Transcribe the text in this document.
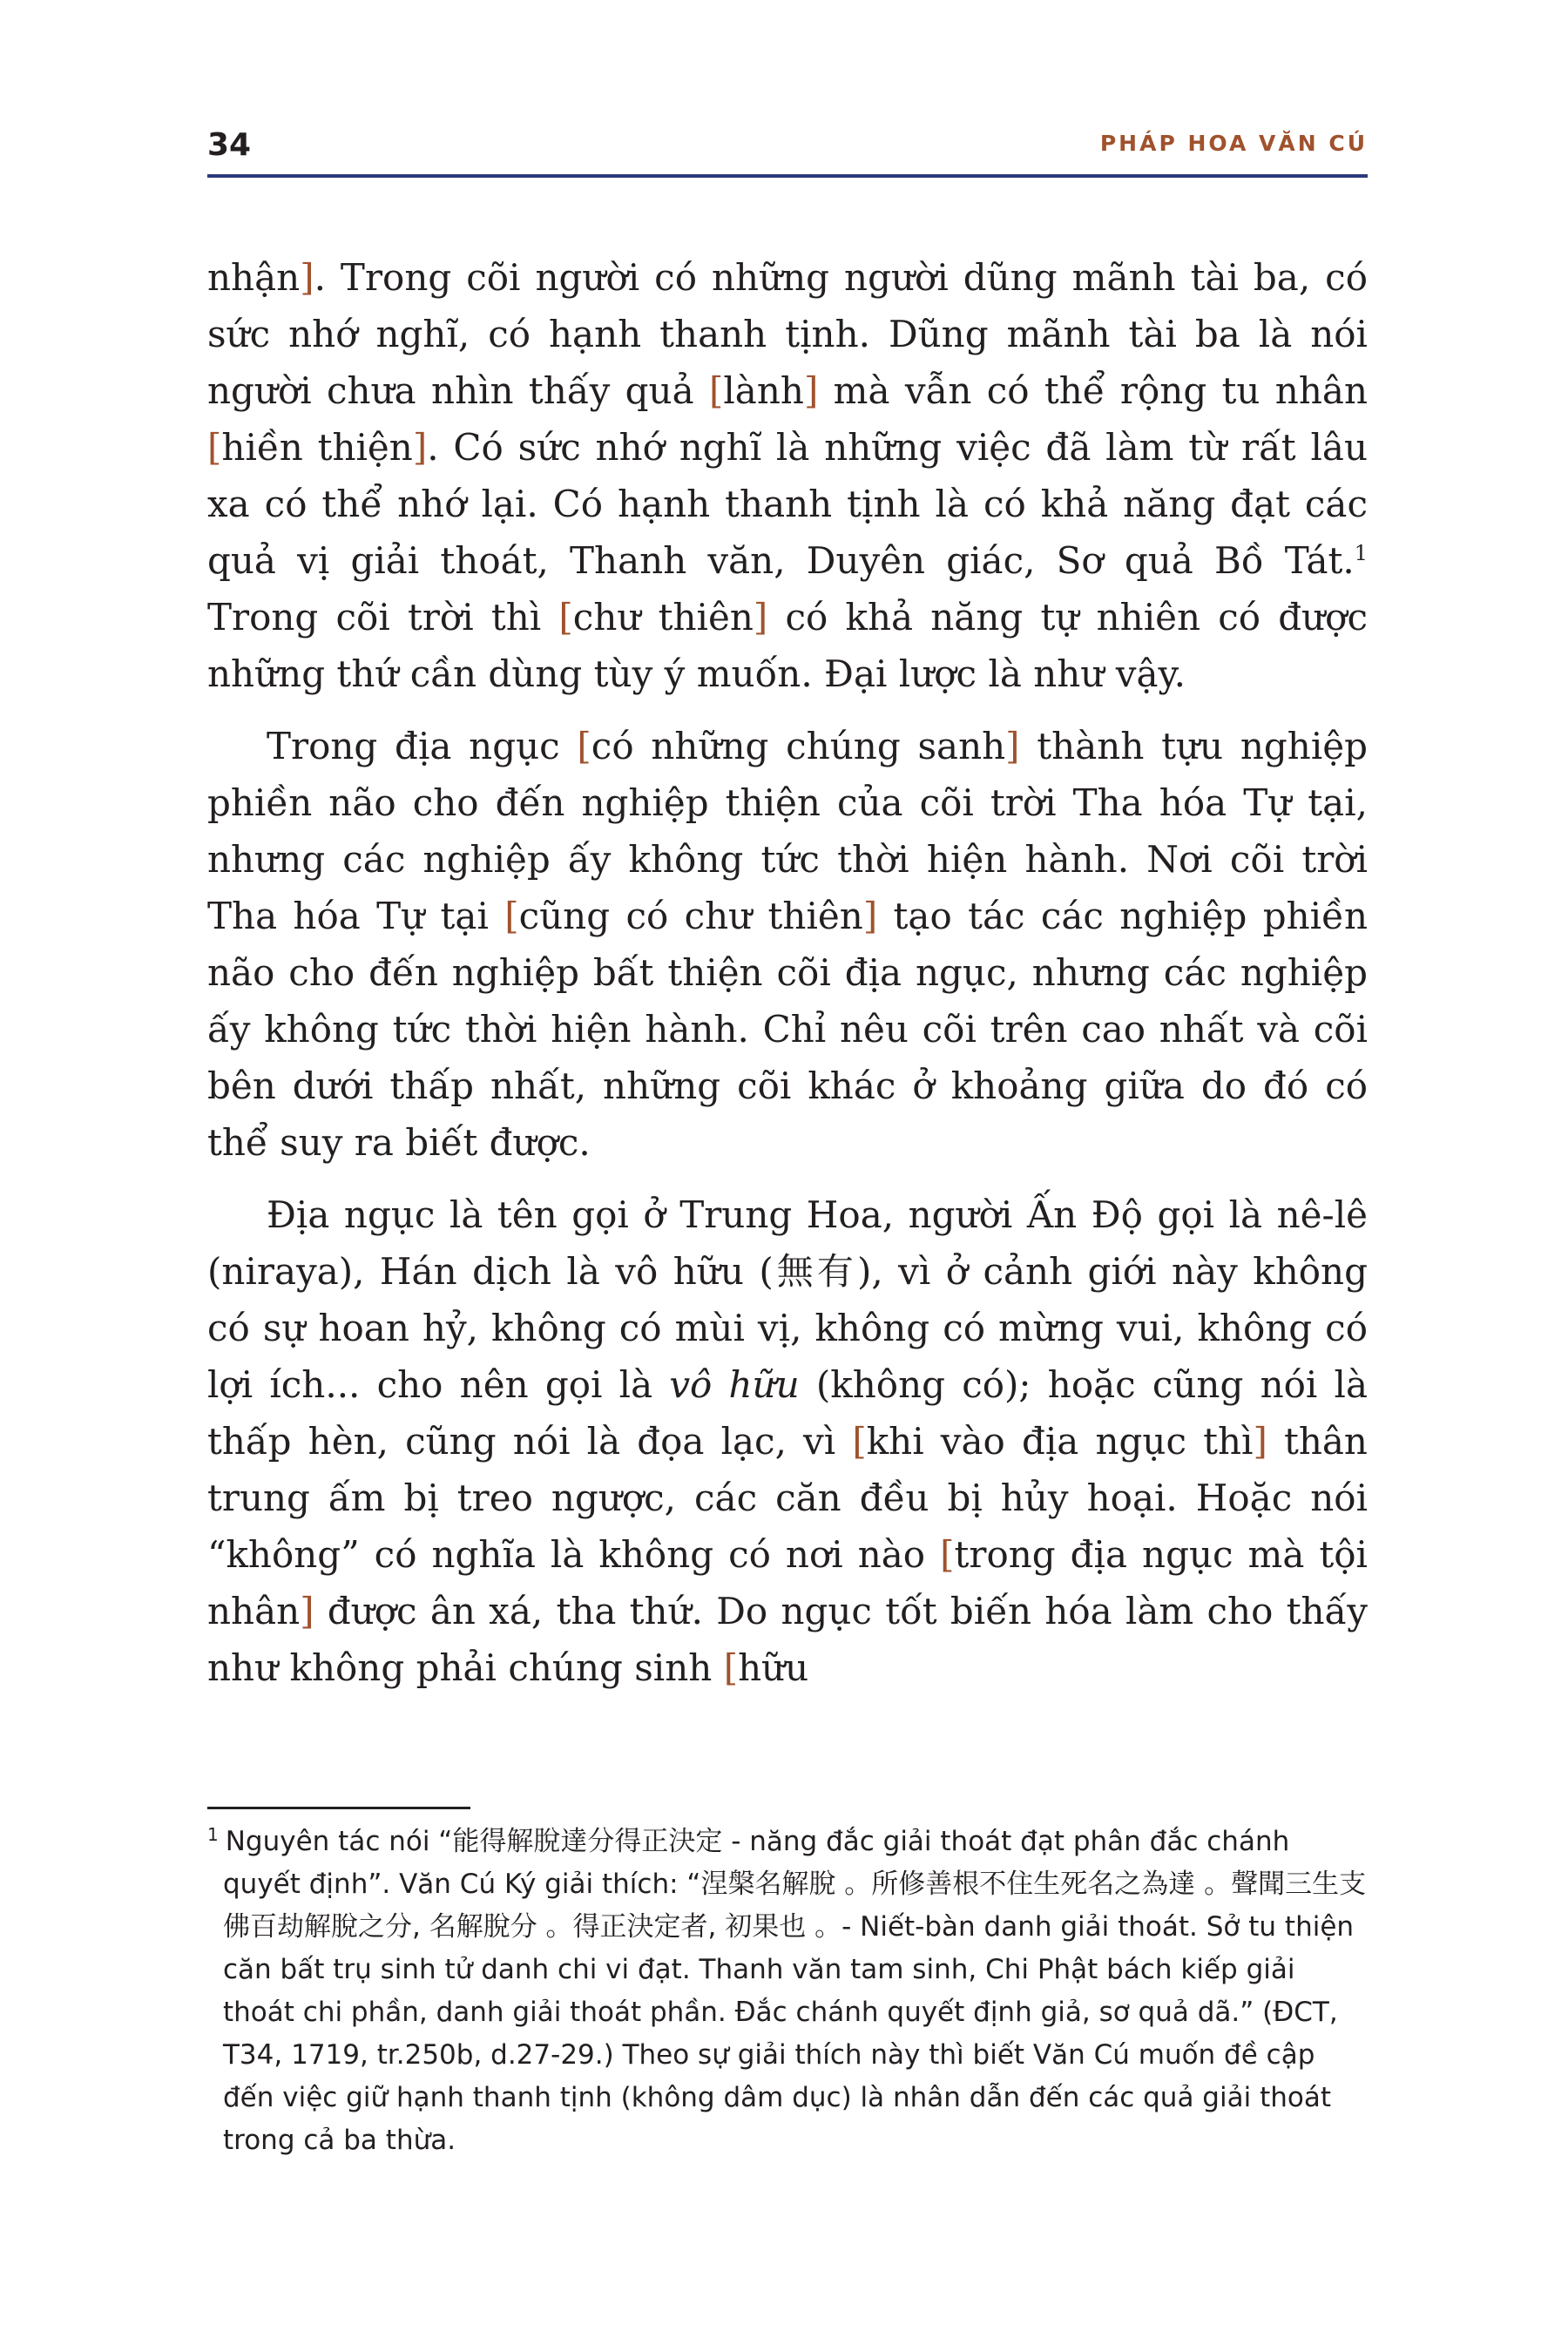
34	PHÁP HOA VĂN CÚ

nhận]. Trong cõi người có những người dũng mãnh tài ba, có sức nhớ nghĩ, có hạnh thanh tịnh. Dũng mãnh tài ba là nói người chưa nhìn thấy quả [lành] mà vẫn có thể rộng tu nhân [hiền thiện]. Có sức nhớ nghĩ là những việc đã làm từ rất lâu xa có thể nhớ lại. Có hạnh thanh tịnh là có khả năng đạt các quả vị giải thoát, Thanh văn, Duyên giác, Sơ quả Bồ Tát.$^1$ Trong cõi trời thì [chư thiên] có khả năng tự nhiên có được những thứ cần dùng tùy ý muốn. Đại lược là như vậy.

Trong địa ngục [có những chúng sanh] thành tựu nghiệp phiền não cho đến nghiệp thiện của cõi trời Tha hóa Tự tại, nhưng các nghiệp ấy không tức thời hiện hành. Nơi cõi trời Tha hóa Tự tại [cũng có chư thiên] tạo tác các nghiệp phiền não cho đến nghiệp bất thiện cõi địa ngục, nhưng các nghiệp ấy không tức thời hiện hành. Chỉ nêu cõi trên cao nhất và cõi bên dưới thấp nhất, những cõi khác ở khoảng giữa do đó có thể suy ra biết được.

Địa ngục là tên gọi ở Trung Hoa, người Ấn Độ gọi là nê-lê (niraya), Hán dịch là vô hữu (無有), vì ở cảnh giới này không có sự hoan hỷ, không có mùi vị, không có mừng vui, không có lợi ích... cho nên gọi là vô hữu (không có); hoặc cũng nói là thấp hèn, cũng nói là đọa lạc, vì [khi vào địa ngục thì] thân trung ấm bị treo ngược, các căn đều bị hủy hoại. Hoặc nói “không” có nghĩa là không có nơi nào [trong địa ngục mà tội nhân] được ân xá, tha thứ. Do ngục tốt biến hóa làm cho thấy như không phải chúng sinh [hữu

$^1$ Nguyên tác nói “能得解脫達分得正決定 - năng đắc giải thoát đạt phân đắc chánh quyết định”. Văn Cú Ký giải thích: “涅槃名解脫 。所修善根不住生死名之為達 。聲聞三生支佛百劫解脫之分, 名解脫分 。得正決定者, 初果也 。- Niết-bàn danh giải thoát. Sở tu thiện căn bất trụ sinh tử danh chi vi đạt. Thanh văn tam sinh, Chi Phật bách kiếp giải thoát chi phần, danh giải thoát phần. Đắc chánh quyết định giả, sơ quả dã.” (ĐCT, T34, 1719, tr.250b, d.27-29.) Theo sự giải thích này thì biết Văn Cú muốn đề cập đến việc giữ hạnh thanh tịnh (không dâm dục) là nhân dẫn đến các quả giải thoát trong cả ba thừa.
